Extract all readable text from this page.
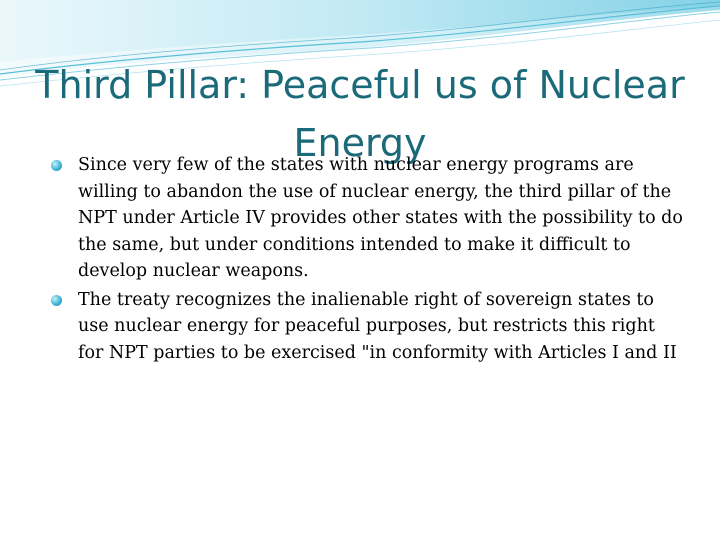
Third Pillar: Peaceful us of Nuclear Energy
Since very few of the states with nuclear energy programs are willing to abandon the use of nuclear energy, the third pillar of the NPT under Article IV provides other states with the possibility to do the same, but under conditions intended to make it difficult to develop nuclear weapons.
The treaty recognizes the inalienable right of sovereign states to use nuclear energy for peaceful purposes, but restricts this right for NPT parties to be exercised "in conformity with Articles I and II
